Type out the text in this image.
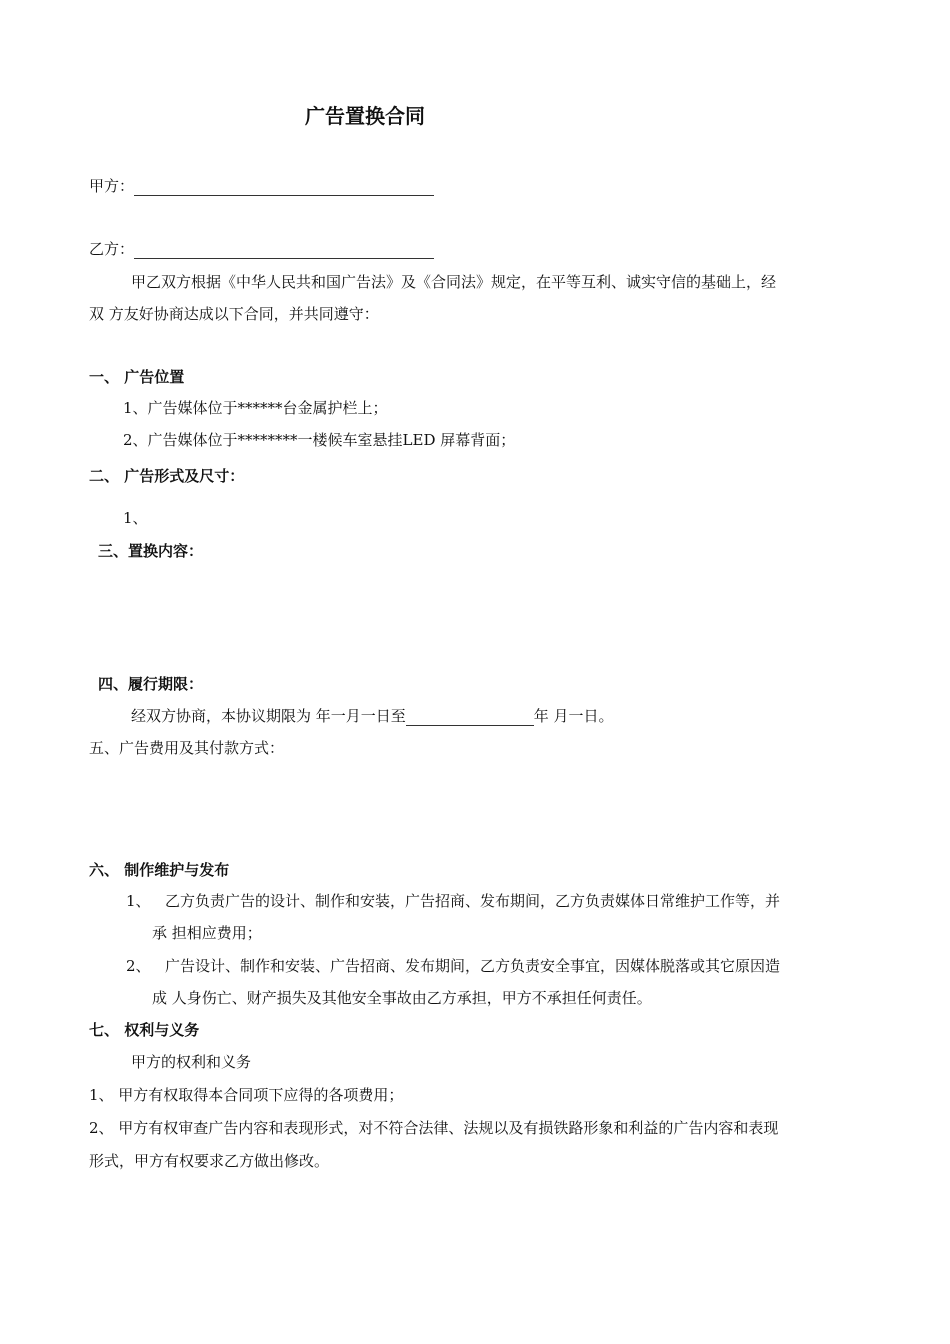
广告置换合同
甲方：
乙方：
甲乙双方根据《中华人民共和国广告法》及《合同法》规定，在平等互利、诚实守信的基础上，经
双 方友好协商达成以下合同，并共同遵守：
一、 广告位置
1、广告媒体位于******台金属护栏上；
2、广告媒体位于********一楼候车室悬挂LED 屏幕背面；
二、 广告形式及尺寸：
1、
三、置换内容：
四、履行期限：
经双方协商，本协议期限为 年一月一日至	年 月一日。
五、广告费用及其付款方式：
六、 制作维护与发布
1、 乙方负责广告的设计、制作和安装，广告招商、发布期间，乙方负责媒体日常维护工作等，并
承 担相应费用；
2、 广告设计、制作和安装、广告招商、发布期间，乙方负责安全事宜，因媒体脱落或其它原因造
成 人身伤亡、财产损失及其他安全事故由乙方承担，甲方不承担任何责任。
七、 权利与义务
甲方的权利和义务
1、 甲方有权取得本合同项下应得的各项费用；
2、 甲方有权审查广告内容和表现形式，对不符合法律、法规以及有损铁路形象和利益的广告内容和表现
形式，甲方有权要求乙方做出修改。
